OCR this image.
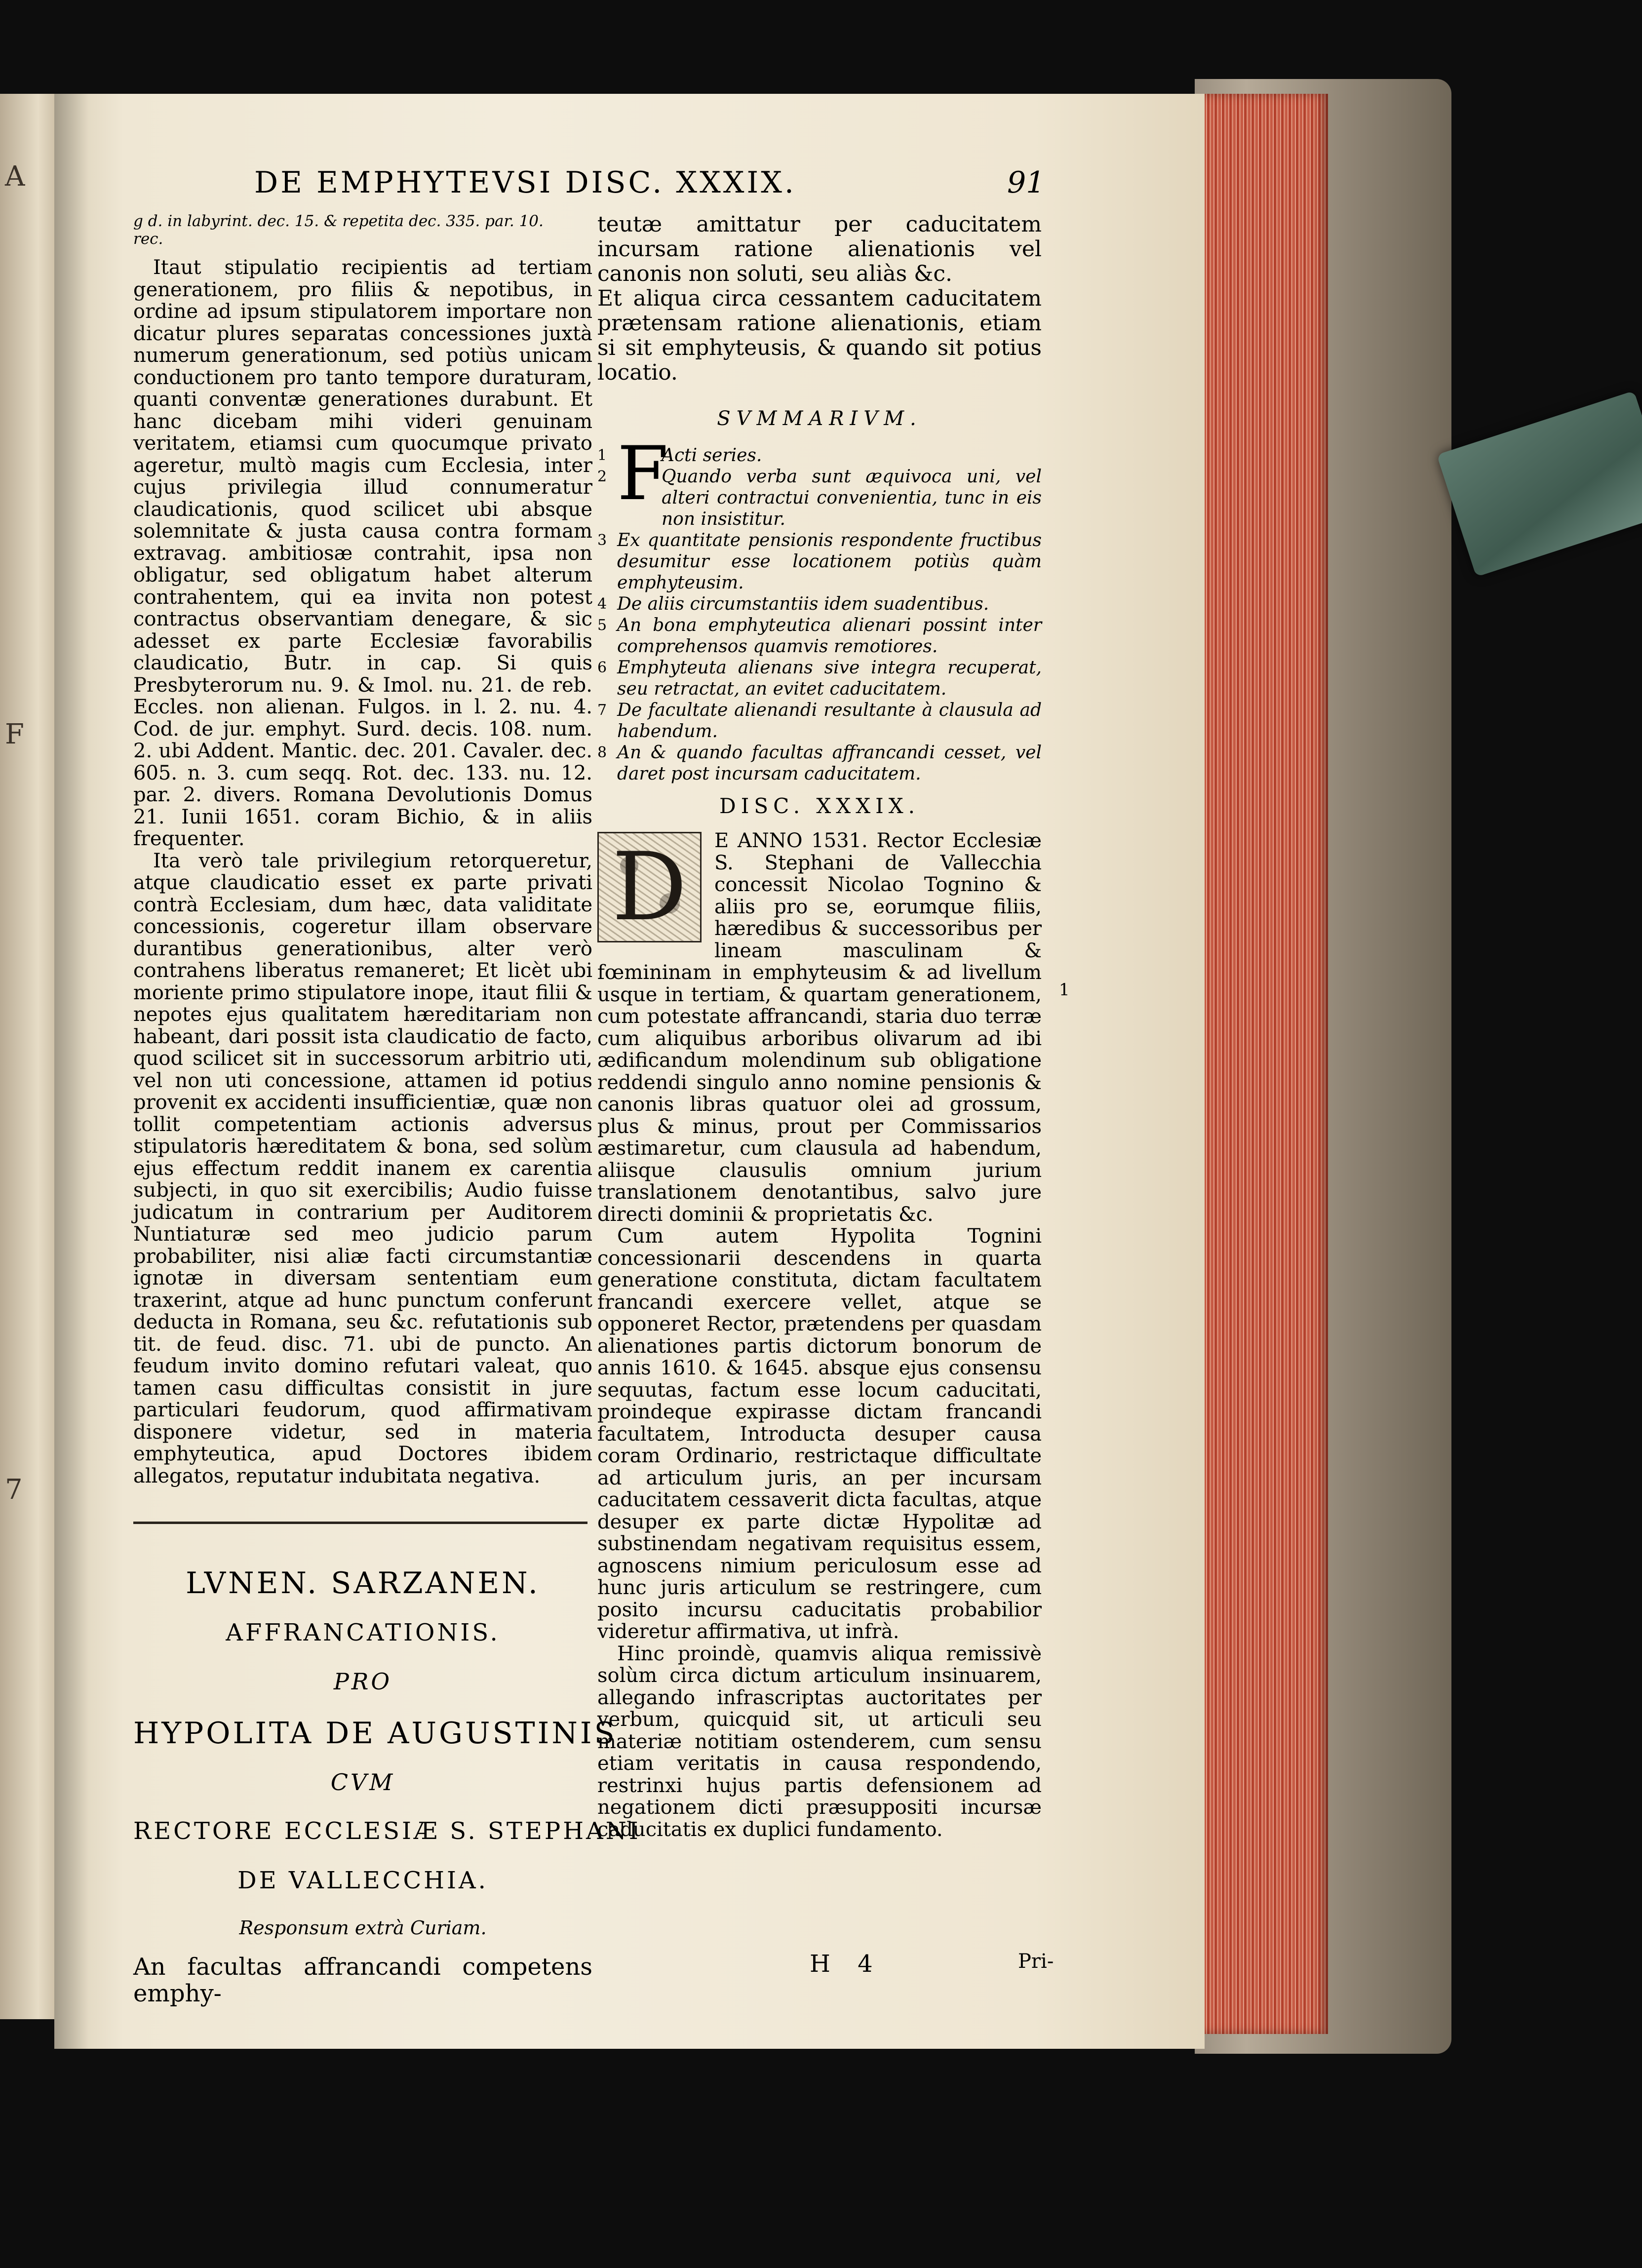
A
F
7
DE EMPHYTEVSI DISC. XXXIX.	91
g d. in labyrint. dec. 15. & repetita dec. 335. par. 10.
rec.

Itaut stipulatio recipientis ad tertiam generationem, pro filiis & nepotibus, in ordine ad ipsum stipulatorem importare non dicatur plures separatas concessiones juxtà numerum generationum, sed potiùs unicam conductionem pro tanto tempore duraturam, quanti conventæ generationes durabunt. Et hanc dicebam mihi videri genuinam veritatem, etiamsi cum quocumque privato ageretur, multò magis cum Ecclesia, inter cujus privilegia illud connumeratur claudicationis, quod scilicet ubi absque solemnitate & justa causa contra formam extravag. ambitiosæ contrahit, ipsa non obligatur, sed obligatum habet alterum contrahentem, qui ea invita non potest contractus observantiam denegare, & sic adesset ex parte Ecclesiæ favorabilis claudicatio, Butr. in cap. Si quis Presbyterorum nu. 9. & Imol. nu. 21. de reb. Eccles. non alienan. Fulgos. in l. 2. nu. 4. Cod. de jur. emphyt. Surd. decis. 108. num. 2. ubi Addent. Mantic. dec. 201. Cavaler. dec. 605. n. 3. cum seqq. Rot. dec. 133. nu. 12. par. 2. divers. Romana Devolutionis Domus 21. Iunii 1651. coram Bichio, & in aliis frequenter.

Ita verò tale privilegium retorqueretur, atque claudicatio esset ex parte privati contrà Ecclesiam, dum hæc, data validitate concessionis, cogeretur illam observare durantibus generationibus, alter verò contrahens liberatus remaneret; Et licèt ubi moriente primo stipulatore inope, itaut filii & nepotes ejus qualitatem hæreditariam non habeant, dari possit ista claudicatio de facto, quod scilicet sit in successorum arbitrio uti, vel non uti concessione, attamen id potius provenit ex accidenti insufficientiæ, quæ non tollit competentiam actionis adversus stipulatoris hæreditatem & bona, sed solùm ejus effectum reddit inanem ex carentia subjecti, in quo sit exercibilis; Audio fuisse judicatum in contrarium per Auditorem Nuntiaturæ sed meo judicio parum probabiliter, nisi aliæ facti circumstantiæ ignotæ in diversam sententiam eum traxerint, atque ad hunc punctum conferunt deducta in Romana, seu &c. refutationis sub tit. de feud. disc. 71. ubi de puncto. An feudum invito domino refutari valeat, quo tamen casu difficultas consistit in jure particulari feudorum, quod affirmativam disponere videtur, sed in materia emphyteutica, apud Doctores ibidem allegatos, reputatur indubitata negativa.

LVNEN. SARZANEN.
AFFRANCATIONIS.
PRO
HYPOLITA DE AUGUSTINIS
CVM
RECTORE ECCLESIÆ S. STEPHANI
DE VALLECCHIA.
Responsum extrà Curiam.

An facultas affrancandi competens emphy-

teutæ amittatur per caducitatem incursam ratione alienationis vel canonis non soluti, seu aliàs &c.

Et aliqua circa cessantem caducitatem prætensam ratione alienationis, etiam si sit emphyteusis, & quando sit potius locatio.

SVMMARIVM.
F
1	Acti series.
2	Quando verba sunt æquivoca uni, vel alteri contractui convenientia, tunc in eis non insistitur.
3 Ex quantitate pensionis respondente fructibus desumitur esse locationem potiùs quàm emphyteusim.
4 De aliis circumstantiis idem suadentibus.
5 An bona emphyteutica alienari possint inter comprehensos quamvis remotiores.
6 Emphyteuta alienans sive integra recuperat, seu retractat, an evitet caducitatem.
7 De facultate alienandi resultante à clausula ad habendum.
8 An & quando facultas affrancandi cesset, vel daret post incursam caducitatem.
DISC. XXXIX.
D	E ANNO 1531. Rector Ecclesiæ S. Stephani de Vallecchia concessit Nicolao Tognino & aliis pro se, eorumque filiis, hæredibus & successoribus per lineam masculinam & fœmininam in emphyteusim & ad livellum usque in tertiam, & quartam generationem, cum potestate affrancandi, staria duo terræ cum aliquibus arboribus olivarum ad ibi ædificandum molendinum sub obligatione reddendi singulo anno nomine pensionis & canonis libras quatuor olei ad grossum, plus & minus, prout per Commissarios æstimaretur, cum clausula ad habendum, aliisque clausulis omnium jurium translationem denotantibus, salvo jure directi dominii & proprietatis &c.

Cum autem Hypolita Tognini concessionarii descendens in quarta generatione constituta, dictam facultatem francandi exercere vellet, atque se opponeret Rector, prætendens per quasdam alienationes partis dictorum bonorum de annis 1610. & 1645. absque ejus consensu sequutas, factum esse locum caducitati, proindeque expirasse dictam francandi facultatem, Introducta desuper causa coram Ordinario, restrictaque difficultate ad articulum juris, an per incursam caducitatem cessaverit dicta facultas, atque desuper ex parte dictæ Hypolitæ ad substinendam negativam requisitus essem, agnoscens nimium periculosum esse ad hunc juris articulum se restringere, cum posito incursu caducitatis probabilior videretur affirmativa, ut infrà.

Hinc proindè, quamvis aliqua remissivè solùm circa dictum articulum insinuarem, allegando infrascriptas auctoritates per verbum, quicquid sit, ut articuli seu materiæ notitiam ostenderem, cum sensu etiam veritatis in causa respondendo, restrinxi hujus partis defensionem ad negationem dicti præsuppositi incursæ caducitatis ex duplici fundamento.

1
H 4	Pri-
